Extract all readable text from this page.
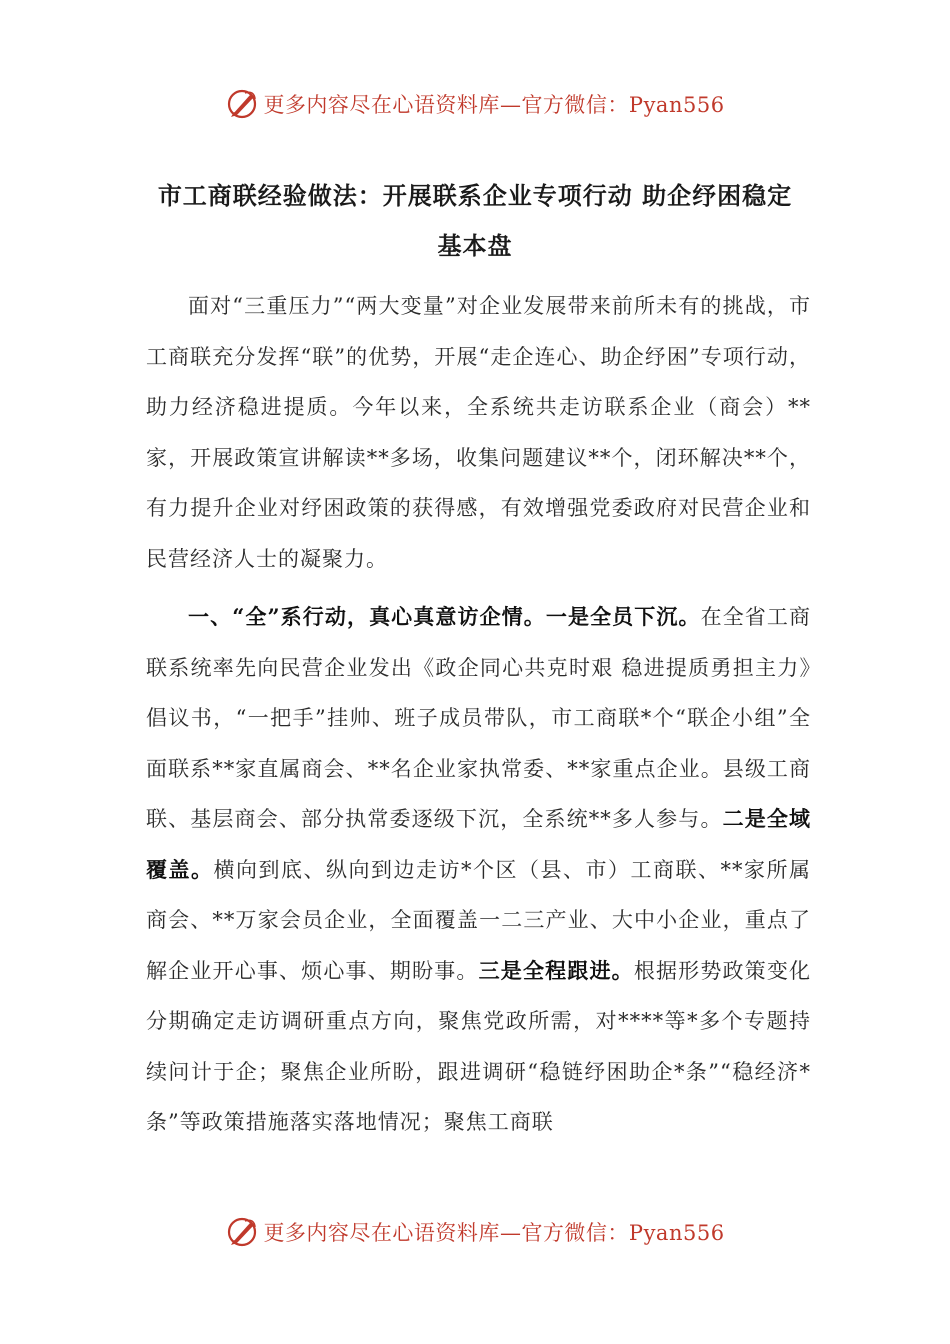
更多内容尽在心语资料库—官方微信：Pyan556
市工商联经验做法：开展联系企业专项行动 助企纾困稳定
基本盘
面对“三重压力”“两大变量”对企业发展带来前所未有的挑战，市工商联充分发挥“联”的优势，开展“走企连心、助企纾困”专项行动，助力经济稳进提质。今年以来，全系统共走访联系企业（商会）**家，开展政策宣讲解读**多场，收集问题建议**个，闭环解决**个，有力提升企业对纾困政策的获得感，有效增强党委政府对民营企业和民营经济人士的凝聚力。
一、“全”系行动，真心真意访企情。一是全员下沉。在全省工商联系统率先向民营企业发出《政企同心共克时艰 稳进提质勇担主力》倡议书，“一把手”挂帅、班子成员带队，市工商联*个“联企小组”全面联系**家直属商会、**名企业家执常委、**家重点企业。县级工商联、基层商会、部分执常委逐级下沉，全系统**多人参与。二是全域覆盖。横向到底、纵向到边走访*个区（县、市）工商联、**家所属商会、**万家会员企业，全面覆盖一二三产业、大中小企业，重点了解企业开心事、烦心事、期盼事。三是全程跟进。根据形势政策变化分期确定走访调研重点方向，聚焦党政所需，对****等*多个专题持续问计于企；聚焦企业所盼，跟进调研“稳链纾困助企*条”“稳经济*条”等政策措施落实落地情况；聚焦工商联
更多内容尽在心语资料库—官方微信：Pyan556
